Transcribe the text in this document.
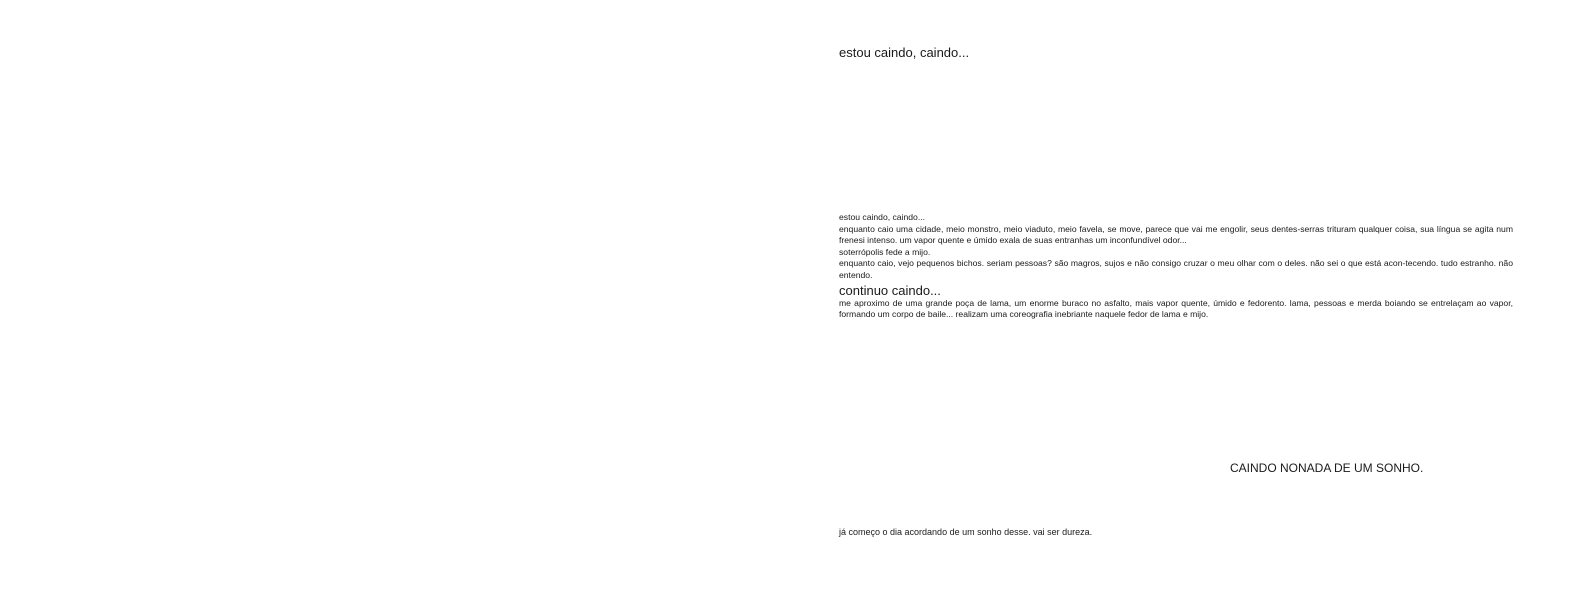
estou caindo, caindo...

estou caindo, caindo...

enquanto caio uma cidade, meio monstro, meio viaduto, meio favela, se move, parece que vai me engolir, seus dentes-serras trituram qualquer coisa, sua língua se agita num frenesi intenso. um vapor quente e úmido exala de suas entranhas um inconfundível odor...

soterrópolis fede a mijo.

enquanto caio, vejo pequenos bichos. seriam pessoas? são magros, sujos e não consigo cruzar o meu olhar com o deles. não sei o que está acon-tecendo. tudo estranho. não entendo.

continuo caindo...

me aproximo de uma grande poça de lama, um enorme buraco no asfalto, mais vapor quente, úmido e fedorento. lama, pessoas e merda boiando se entrelaçam ao vapor, formando um corpo de baile... realizam uma coreografia inebriante naquele fedor de lama e mijo.

CAINDO NONADA DE UM SONHO.
já começo o dia acordando de um sonho desse. vai ser dureza.
